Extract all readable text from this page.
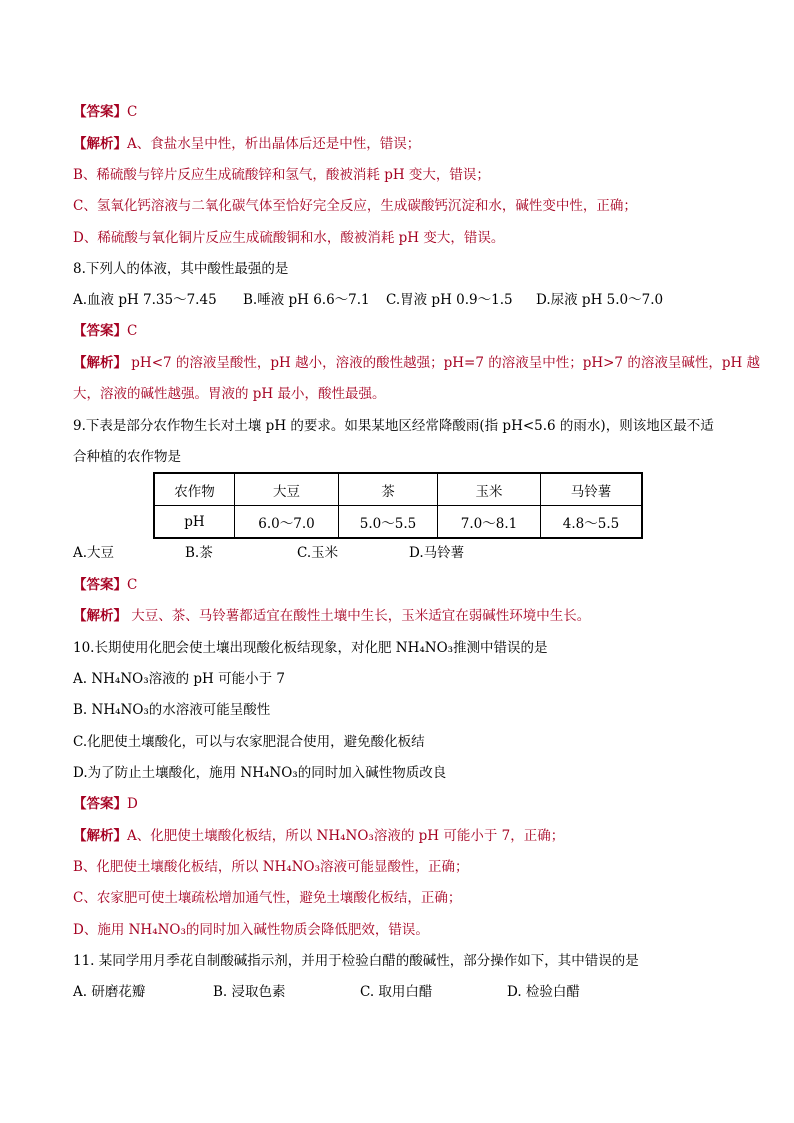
【答案】C
【解析】A、食盐水呈中性，析出晶体后还是中性，错误；
B、稀硫酸与锌片反应生成硫酸锌和氢气，酸被消耗 pH 变大，错误；
C、氢氧化钙溶液与二氧化碳气体至恰好完全反应，生成碳酸钙沉淀和水，碱性变中性，正确；
D、稀硫酸与氧化铜片反应生成硫酸铜和水，酸被消耗 pH 变大，错误。
8.下列人的体液，其中酸性最强的是
A.血液 pH 7.35～7.45 B.唾液 pH 6.6～7.1 C.胃液 pH 0.9～1.5 D.尿液 pH 5.0～7.0
【答案】C
【解析】 pH<7 的溶液呈酸性，pH 越小，溶液的酸性越强；pH=7 的溶液呈中性；pH>7 的溶液呈碱性，pH 越
大，溶液的碱性越强。胃液的 pH 最小，酸性最强。
9.下表是部分农作物生长对土壤 pH 的要求。如果某地区经常降酸雨(指 pH<5.6 的雨水)，则该地区最不适
合种植的农作物是
农作物	大豆	茶	玉米	马铃薯
pH	6.0～7.0	5.0～5.5	7.0～8.1	4.8～5.5
A.大豆	B.茶	C.玉米	D.马铃薯
【答案】C
【解析】 大豆、茶、马铃薯都适宜在酸性土壤中生长，玉米适宜在弱碱性环境中生长。
10.长期使用化肥会使土壤出现酸化板结现象，对化肥 NH₄NO₃推测中错误的是
A. NH₄NO₃溶液的 pH 可能小于 7
B. NH₄NO₃的水溶液可能呈酸性
C.化肥使土壤酸化，可以与农家肥混合使用，避免酸化板结
D.为了防止土壤酸化，施用 NH₄NO₃的同时加入碱性物质改良
【答案】D
【解析】A、化肥使土壤酸化板结，所以 NH₄NO₃溶液的 pH 可能小于 7，正确；
B、化肥使土壤酸化板结，所以 NH₄NO₃溶液可能显酸性，正确；
C、农家肥可使土壤疏松增加通气性，避免土壤酸化板结，正确；
D、施用 NH₄NO₃的同时加入碱性物质会降低肥效，错误。
11. 某同学用月季花自制酸碱指示剂，并用于检验白醋的酸碱性，部分操作如下，其中错误的是
A. 研磨花瓣	B. 浸取色素	C. 取用白醋	D. 检验白醋
